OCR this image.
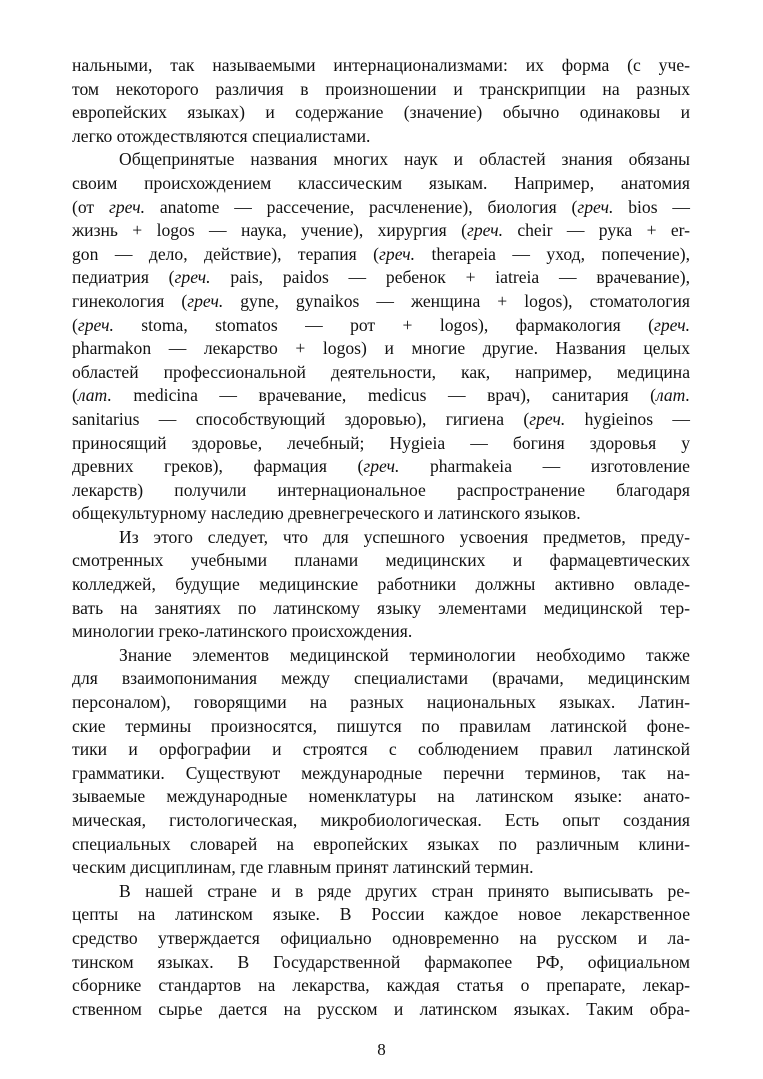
нальными, так называемыми интернационализмами: их форма (с уче-
том некоторого различия в произношении и транскрипции на разных
европейских языках) и содержание (значение) обычно одинаковы и
легко отождествляются специалистами.
Общепринятые названия многих наук и областей знания обязаны
своим происхождением классическим языкам. Например, анатомия
(от греч. anatome — рассечение, расчленение), биология (греч. bios —
жизнь + logos — наука, учение), хирургия (греч. cheir — рука + er-
gon — дело, действие), терапия (греч. therapeia — уход, попечение),
педиатрия (греч. pais, paidos — ребенок + iatreia — врачевание),
гинекология (греч. gyne, gynaikos — женщина + logos), стоматология
(греч. stoma, stomatos — рот + logos), фармакология (греч.
pharmakon — лекарство + logos) и многие другие. Названия целых
областей профессиональной деятельности, как, например, медицина
(лат. medicina — врачевание, medicus — врач), санитария (лат.
sanitarius — способствующий здоровью), гигиена (греч. hygieinos —
приносящий здоровье, лечебный; Hygieia — богиня здоровья у
древних греков), фармация (греч. pharmakeia — изготовление
лекарств) получили интернациональное распространение благодаря
общекультурному наследию древнегреческого и латинского языков.
Из этого следует, что для успешного усвоения предметов, преду-
смотренных учебными планами медицинских и фармацевтических
колледжей, будущие медицинские работники должны активно овладе-
вать на занятиях по латинскому языку элементами медицинской тер-
минологии греко-латинского происхождения.
Знание элементов медицинской терминологии необходимо также
для взаимопонимания между специалистами (врачами, медицинским
персоналом), говорящими на разных национальных языках. Латин-
ские термины произносятся, пишутся по правилам латинской фоне-
тики и орфографии и строятся с соблюдением правил латинской
грамматики. Существуют международные перечни терминов, так на-
зываемые международные номенклатуры на латинском языке: анато-
мическая, гистологическая, микробиологическая. Есть опыт создания
специальных словарей на европейских языках по различным клини-
ческим дисциплинам, где главным принят латинский термин.
В нашей стране и в ряде других стран принято выписывать ре-
цепты на латинском языке. В России каждое новое лекарственное
средство утверждается официально одновременно на русском и ла-
тинском языках. В Государственной фармакопее РФ, официальном
сборнике стандартов на лекарства, каждая статья о препарате, лекар-
ственном сырье дается на русском и латинском языках. Таким обра-
8
